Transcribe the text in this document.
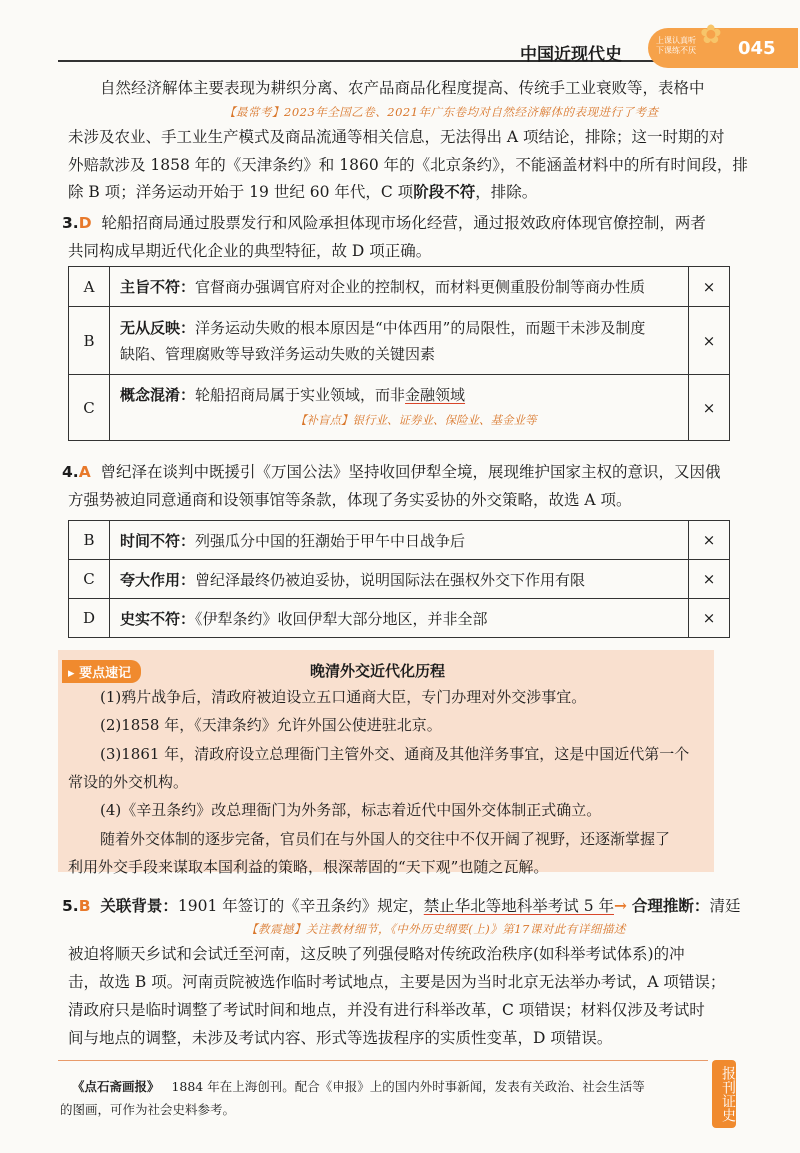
中国近现代史
上课认真听
下课练不厌
✿ 045
自然经济解体主要表现为耕织分离、农产品商品化程度提高、传统手工业衰败等，表格中
【最常考】2023年全国乙卷、2021年广东卷均对自然经济解体的表现进行了考查
未涉及农业、手工业生产模式及商品流通等相关信息，无法得出 A 项结论，排除；这一时期的对
外赔款涉及 1858 年的《天津条约》和 1860 年的《北京条约》，不能涵盖材料中的所有时间段，排
除 B 项；洋务运动开始于 19 世纪 60 年代，C 项阶段不符，排除。
3.D 轮船招商局通过股票发行和风险承担体现市场化经营，通过报效政府体现官僚控制，两者
共同构成早期近代化企业的典型特征，故 D 项正确。
A	主旨不符：官督商办强调官府对企业的控制权，而材料更侧重股份制等商办性质	×
B	无从反映：洋务运动失败的根本原因是“中体西用”的局限性，而题干未涉及制度
缺陷、管理腐败等导致洋务运动失败的关键因素	×
C	概念混淆：轮船招商局属于实业领域，而非金融领域
【补盲点】银行业、证券业、保险业、基金业等	×
4.A 曾纪泽在谈判中既援引《万国公法》坚持收回伊犁全境，展现维护国家主权的意识，又因俄
方强势被迫同意通商和设领事馆等条款，体现了务实妥协的外交策略，故选 A 项。
B	时间不符：列强瓜分中国的狂潮始于甲午中日战争后	×
C	夸大作用：曾纪泽最终仍被迫妥协，说明国际法在强权外交下作用有限	×
D	史实不符：《伊犁条约》收回伊犁大部分地区，并非全部	×
▸ 要点速记	晚清外交近代化历程
(1)鸦片战争后，清政府被迫设立五口通商大臣，专门办理对外交涉事宜。
(2)1858 年，《天津条约》允许外国公使进驻北京。
(3)1861 年，清政府设立总理衙门主管外交、通商及其他洋务事宜，这是中国近代第一个
常设的外交机构。
(4)《辛丑条约》改总理衙门为外务部，标志着近代中国外交体制正式确立。
随着外交体制的逐步完备，官员们在与外国人的交往中不仅开阔了视野，还逐渐掌握了
利用外交手段来谋取本国利益的策略，根深蒂固的“天下观”也随之瓦解。
5.B 关联背景：1901 年签订的《辛丑条约》规定，禁止华北等地科举考试 5 年→ 合理推断：清廷
【教震撼】关注教材细节，《中外历史纲要(上)》第17课对此有详细描述
被迫将顺天乡试和会试迁至河南，这反映了列强侵略对传统政治秩序(如科举考试体系)的冲
击，故选 B 项。河南贡院被选作临时考试地点，主要是因为当时北京无法举办考试，A 项错误；
清政府只是临时调整了考试时间和地点，并没有进行科举改革，C 项错误；材料仅涉及考试时
间与地点的调整，未涉及考试内容、形式等选拔程序的实质性变革，D 项错误。
《点石斋画报》 1884 年在上海创刊。配合《申报》上的国内外时事新闻，发表有关政治、社会生活等
的图画，可作为社会史料参考。	报刊证史
